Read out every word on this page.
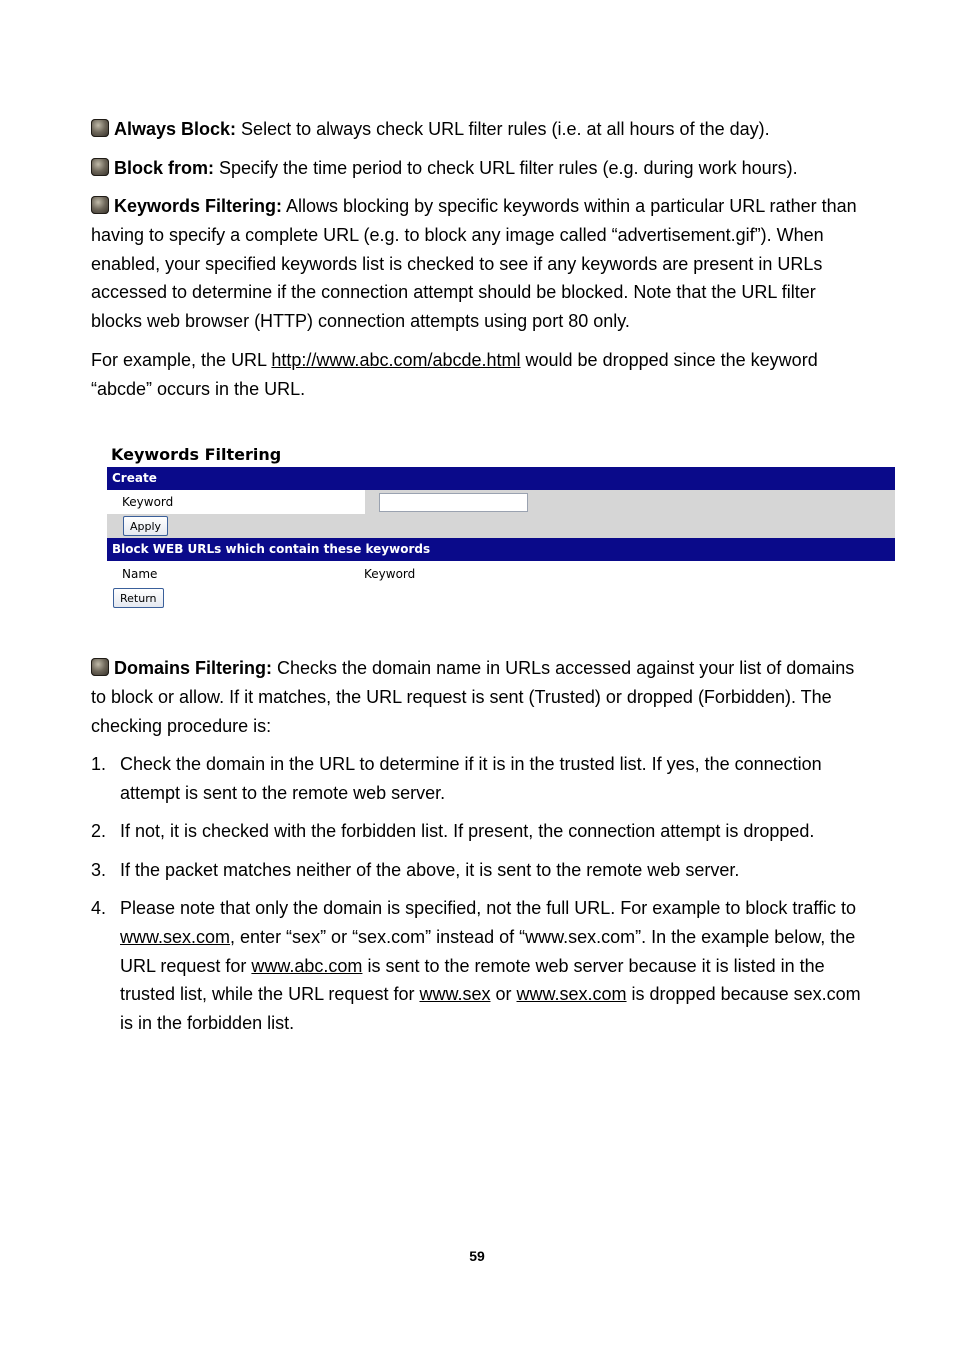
Always Block: Select to always check URL filter rules (i.e. at all hours of the day).

Block from: Specify the time period to check URL filter rules (e.g. during work hours).

Keywords Filtering: Allows blocking by specific keywords within a particular URL rather than having to specify a complete URL (e.g. to block any image called “advertisement.gif”). When enabled, your specified keywords list is checked to see if any keywords are present in URLs accessed to determine if the connection attempt should be blocked. Note that the URL filter blocks web browser (HTTP) connection attempts using port 80 only.

For example, the URL http://www.abc.com/abcde.html would be dropped since the keyword “abcde” occurs in the URL.

Keywords Filtering
Create
Keyword
Apply
Block WEB URLs which contain these keywords
Name	Keyword
Return

Domains Filtering: Checks the domain name in URLs accessed against your list of domains to block or allow. If it matches, the URL request is sent (Trusted) or dropped (Forbidden). The checking procedure is:

1. Check the domain in the URL to determine if it is in the trusted list. If yes, the connection attempt is sent to the remote web server.
2. If not, it is checked with the forbidden list. If present, the connection attempt is dropped.
3. If the packet matches neither of the above, it is sent to the remote web server.
4. Please note that only the domain is specified, not the full URL. For example to block traffic to www.sex.com, enter “sex” or “sex.com” instead of “www.sex.com”. In the example below, the URL request for www.abc.com is sent to the remote web server because it is listed in the trusted list, while the URL request for www.sex or www.sex.com is dropped because sex.com is in the forbidden list.
59
